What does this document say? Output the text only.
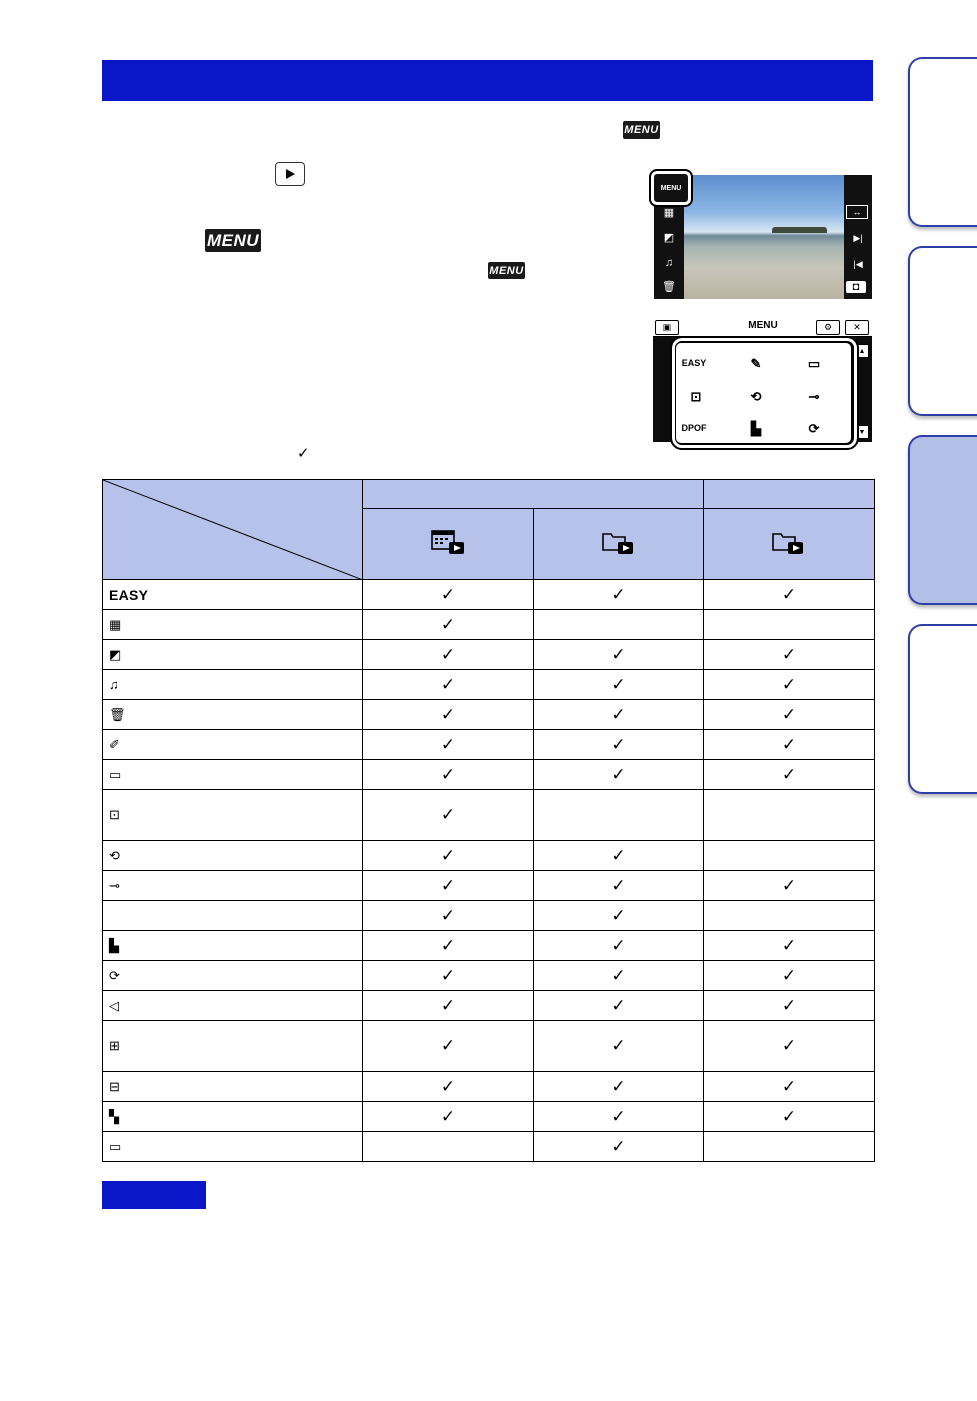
MENU
MENU
MENU
▦
◩
♫
🗑
↔
▶|
|◀
◘
MENU
▣	MENU	⚙	✕
EASY	✎	▭
⊡	⟲	⊸
DPOF	▙	⟳
▲
▼
✓

EASY	✓	✓	✓
▦	✓		
◩	✓	✓	✓
♫	✓	✓	✓
🗑	✓	✓	✓
✐	✓	✓	✓
▭	✓	✓	✓
⊡	✓		
⟲	✓	✓	
⊸	✓	✓	✓
	✓	✓	
▙	✓	✓	✓
⟳	✓	✓	✓
◁	✓	✓	✓
⊞	✓	✓	✓
⊟	✓	✓	✓
▚	✓	✓	✓
▭		✓	
